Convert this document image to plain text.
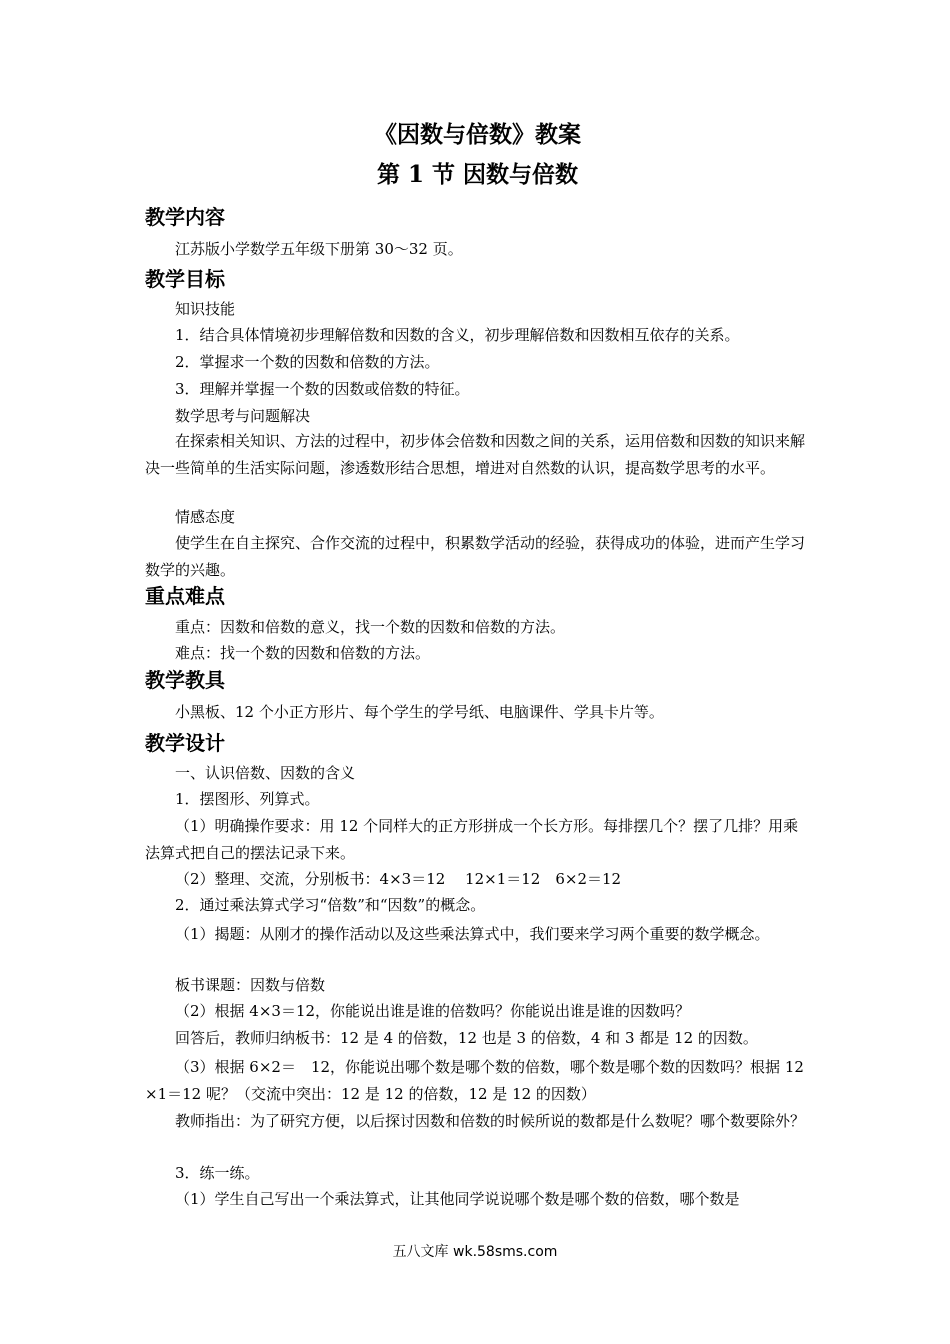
《因数与倍数》教案
第 1 节 因数与倍数
教学内容
江苏版小学数学五年级下册第 30～32 页。
教学目标
知识技能
1．结合具体情境初步理解倍数和因数的含义，初步理解倍数和因数相互依存的关系。
2．掌握求一个数的因数和倍数的方法。
3．理解并掌握一个数的因数或倍数的特征。
数学思考与问题解决
在探索相关知识、方法的过程中，初步体会倍数和因数之间的关系，运用倍数和因数的知识来解决一些简单的生活实际问题，渗透数形结合思想，增进对自然数的认识，提高数学思考的水平。
情感态度
使学生在自主探究、合作交流的过程中，积累数学活动的经验，获得成功的体验，进而产生学习数学的兴趣。
重点难点
重点：因数和倍数的意义，找一个数的因数和倍数的方法。
难点：找一个数的因数和倍数的方法。
教学教具
小黑板、12 个小正方形片、每个学生的学号纸、电脑课件、学具卡片等。
教学设计
一、认识倍数、因数的含义
1．摆图形、列算式。
（1）明确操作要求：用 12 个同样大的正方形拼成一个长方形。每排摆几个？摆了几排？用乘法算式把自己的摆法记录下来。
（2）整理、交流，分别板书：4×3＝12　 12×1＝12　6×2＝12
2．通过乘法算式学习“倍数”和“因数”的概念。
（1）揭题：从刚才的操作活动以及这些乘法算式中，我们要来学习两个重要的数学概念。
板书课题：因数与倍数
（2）根据 4×3＝12，你能说出谁是谁的倍数吗？你能说出谁是谁的因数吗？
回答后，教师归纳板书：12 是 4 的倍数，12 也是 3 的倍数，4 和 3 都是 12 的因数。
（3）根据 6×2＝　12，你能说出哪个数是哪个数的倍数，哪个数是哪个数的因数吗？根据 12×1＝12 呢？（交流中突出：12 是 12 的倍数，12 是 12 的因数）
教师指出：为了研究方便，以后探讨因数和倍数的时候所说的数都是什么数呢？哪个数要除外？
3．练一练。
（1）学生自己写出一个乘法算式，让其他同学说说哪个数是哪个数的倍数，哪个数是
五八文库 wk.58sms.com
